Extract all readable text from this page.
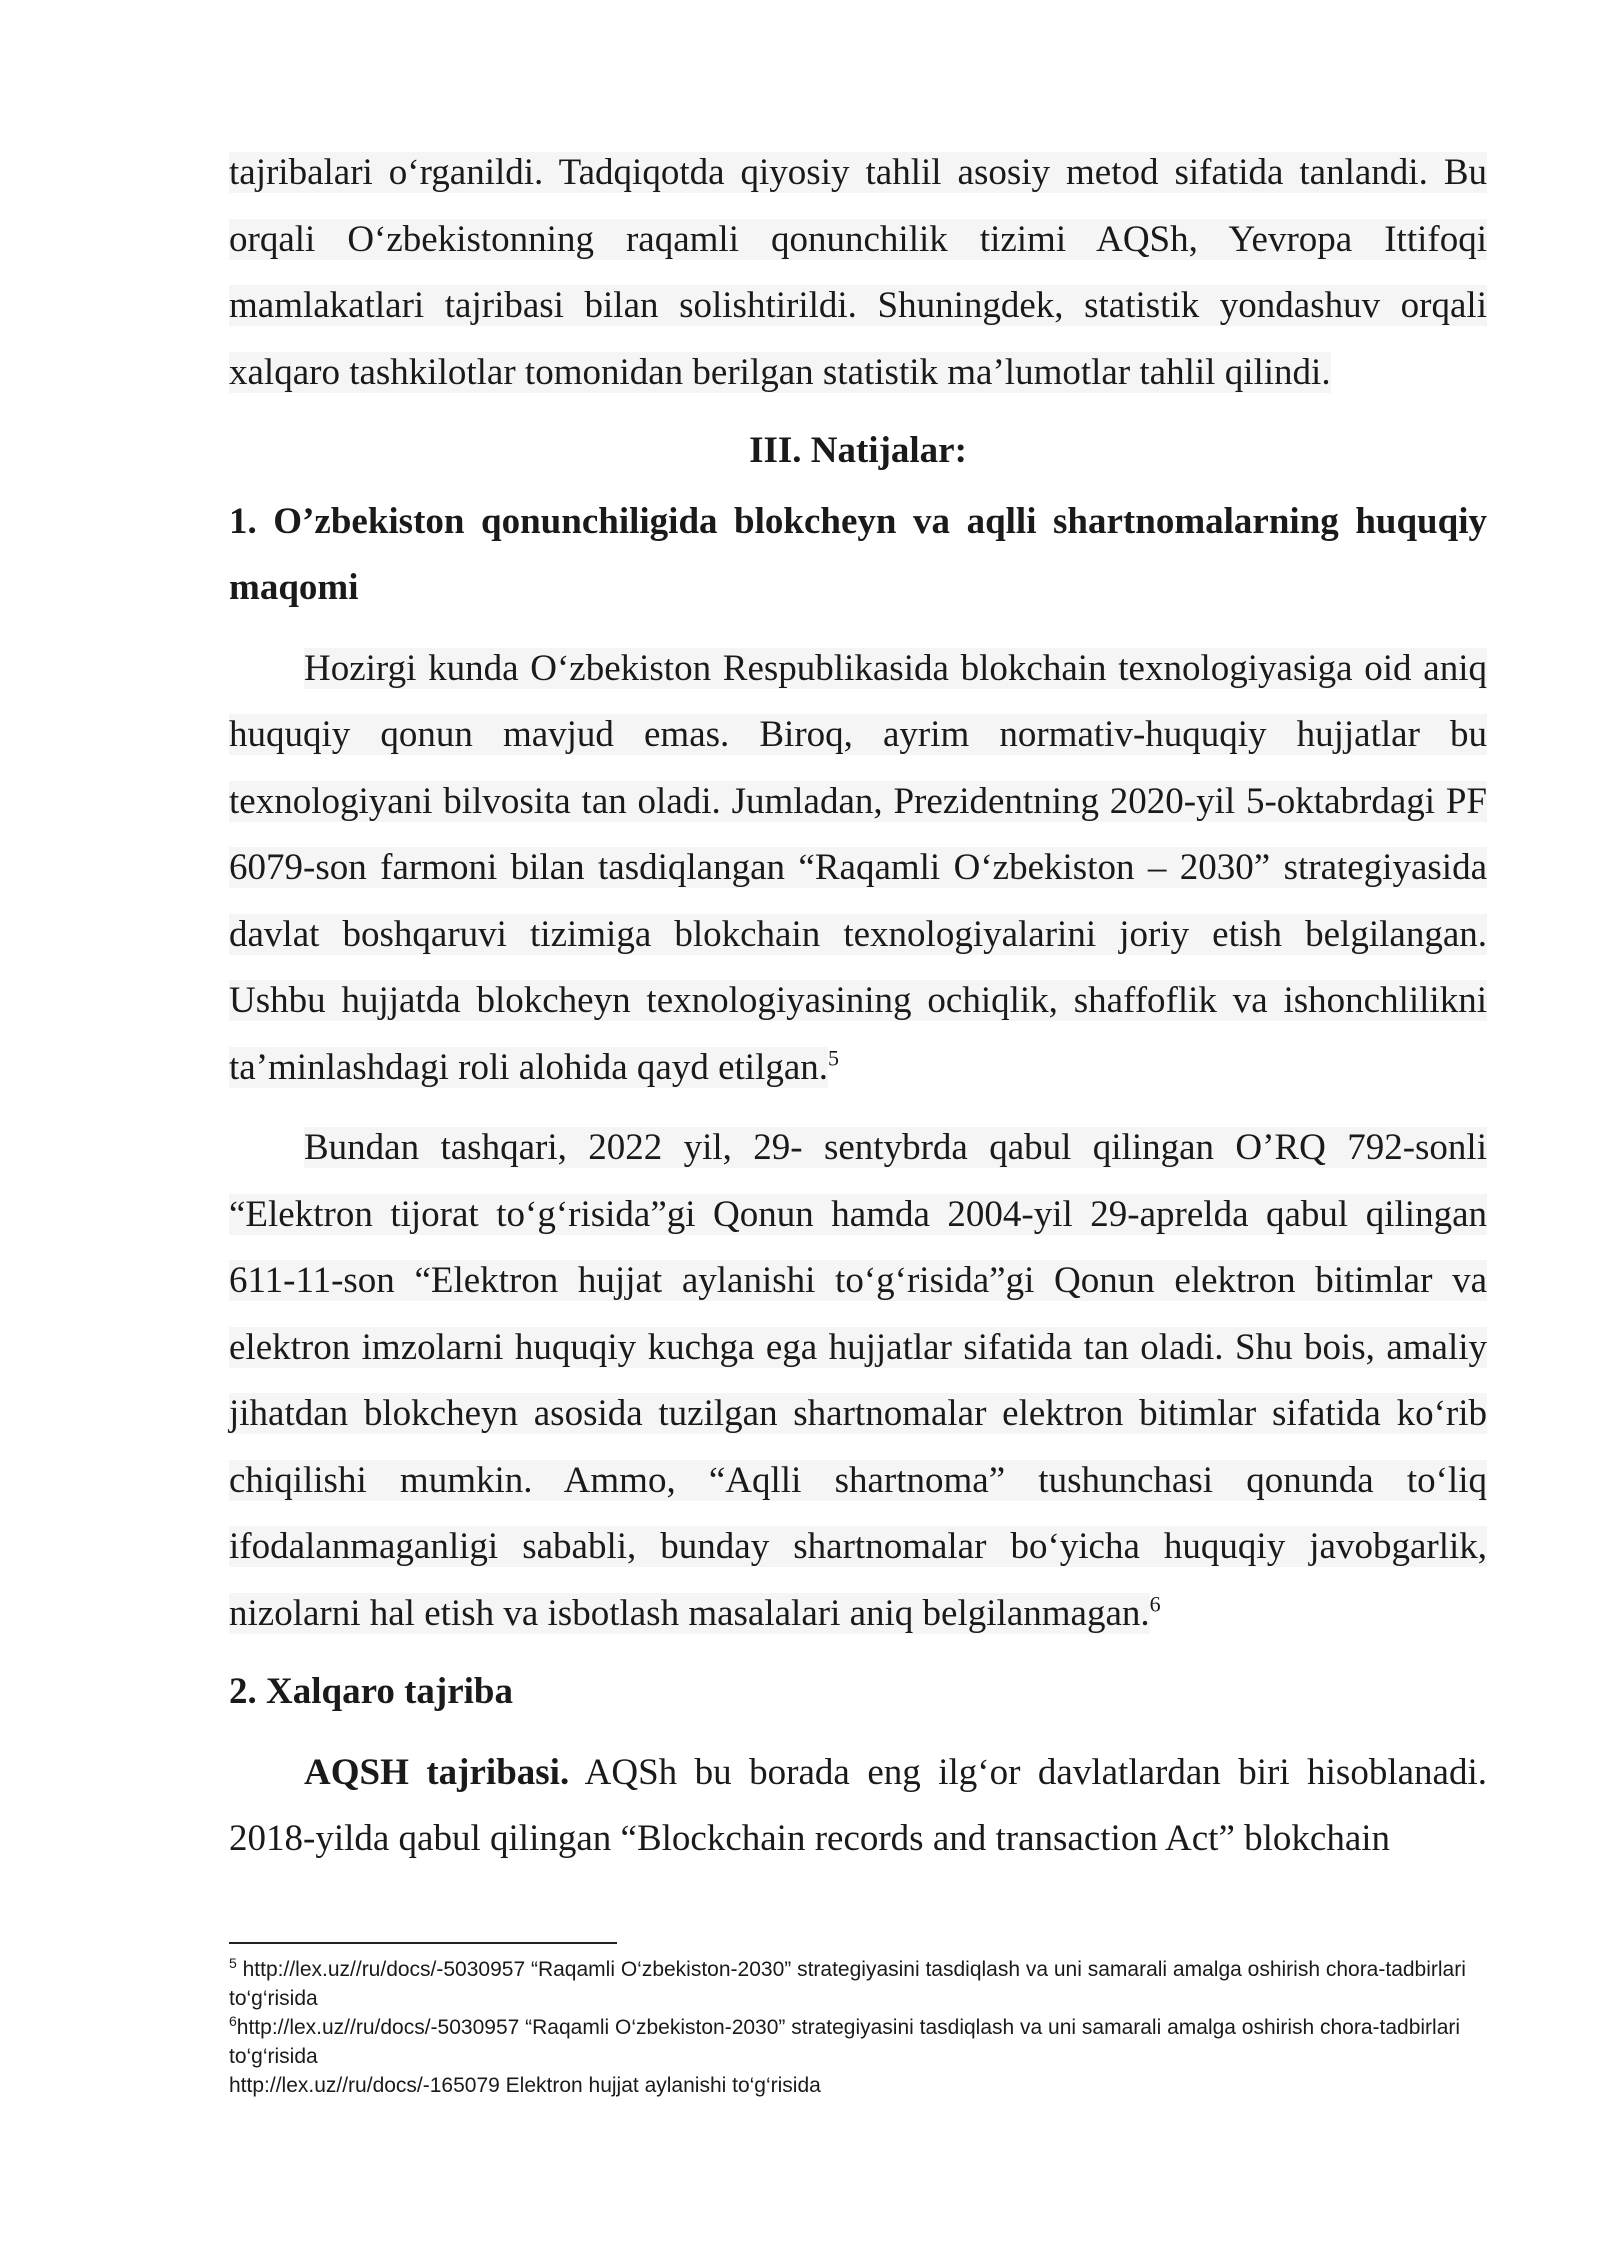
tajribalari o‘rganildi. Tadqiqotda qiyosiy tahlil asosiy metod sifatida tanlandi. Bu orqali O‘zbekistonning raqamli qonunchilik tizimi AQSh, Yevropa Ittifoqi mamlakatlari tajribasi bilan solishtirildi. Shuningdek, statistik yondashuv orqali xalqaro tashkilotlar tomonidan berilgan statistik ma’lumotlar tahlil qilindi.

III. Natijalar:

1. O’zbekiston qonunchiligida blokcheyn va aqlli shartnomalarning huquqiy maqomi

Hozirgi kunda O‘zbekiston Respublikasida blokchain texnologiyasiga oid aniq huquqiy qonun mavjud emas. Biroq, ayrim normativ-huquqiy hujjatlar bu texnologiyani bilvosita tan oladi. Jumladan, Prezidentning 2020-yil 5-oktabrdagi PF 6079-son farmoni bilan tasdiqlangan “Raqamli O‘zbekiston – 2030” strategiyasida davlat boshqaruvi tizimiga blokchain texnologiyalarini joriy etish belgilangan. Ushbu hujjatda blokcheyn texnologiyasining ochiqlik, shaffoflik va ishonchlilikni ta’minlashdagi roli alohida qayd etilgan.$^5$

Bundan tashqari, 2022 yil, 29- sentybrda qabul qilingan O’RQ 792-sonli “Elektron tijorat to‘g‘risida”gi Qonun hamda 2004-yil 29-aprelda qabul qilingan 611-11-son “Elektron hujjat aylanishi to‘g‘risida”gi Qonun elektron bitimlar va elektron imzolarni huquqiy kuchga ega hujjatlar sifatida tan oladi. Shu bois, amaliy jihatdan blokcheyn asosida tuzilgan shartnomalar elektron bitimlar sifatida ko‘rib chiqilishi mumkin. Ammo, “Aqlli shartnoma” tushunchasi qonunda to‘liq ifodalanmaganligi sababli, bunday shartnomalar bo‘yicha huquqiy javobgarlik, nizolarni hal etish va isbotlash masalalari aniq belgilanmagan.$^6$

2. Xalqaro tajriba

AQSH tajribasi. AQSh bu borada eng ilg‘or davlatlardan biri hisoblanadi. 2018-yilda qabul qilingan “Blockchain records and transaction Act” blokchain

$^5$ http://lex.uz//ru/docs/-5030957 “Raqamli O‘zbekiston-2030” strategiyasini tasdiqlash va uni samarali amalga oshirish chora-tadbirlari to‘g‘risida
$^6$http://lex.uz//ru/docs/-5030957 “Raqamli O‘zbekiston-2030” strategiyasini tasdiqlash va uni samarali amalga oshirish chora-tadbirlari to‘g‘risida
http://lex.uz//ru/docs/-165079 Elektron hujjat aylanishi to‘g‘risida
